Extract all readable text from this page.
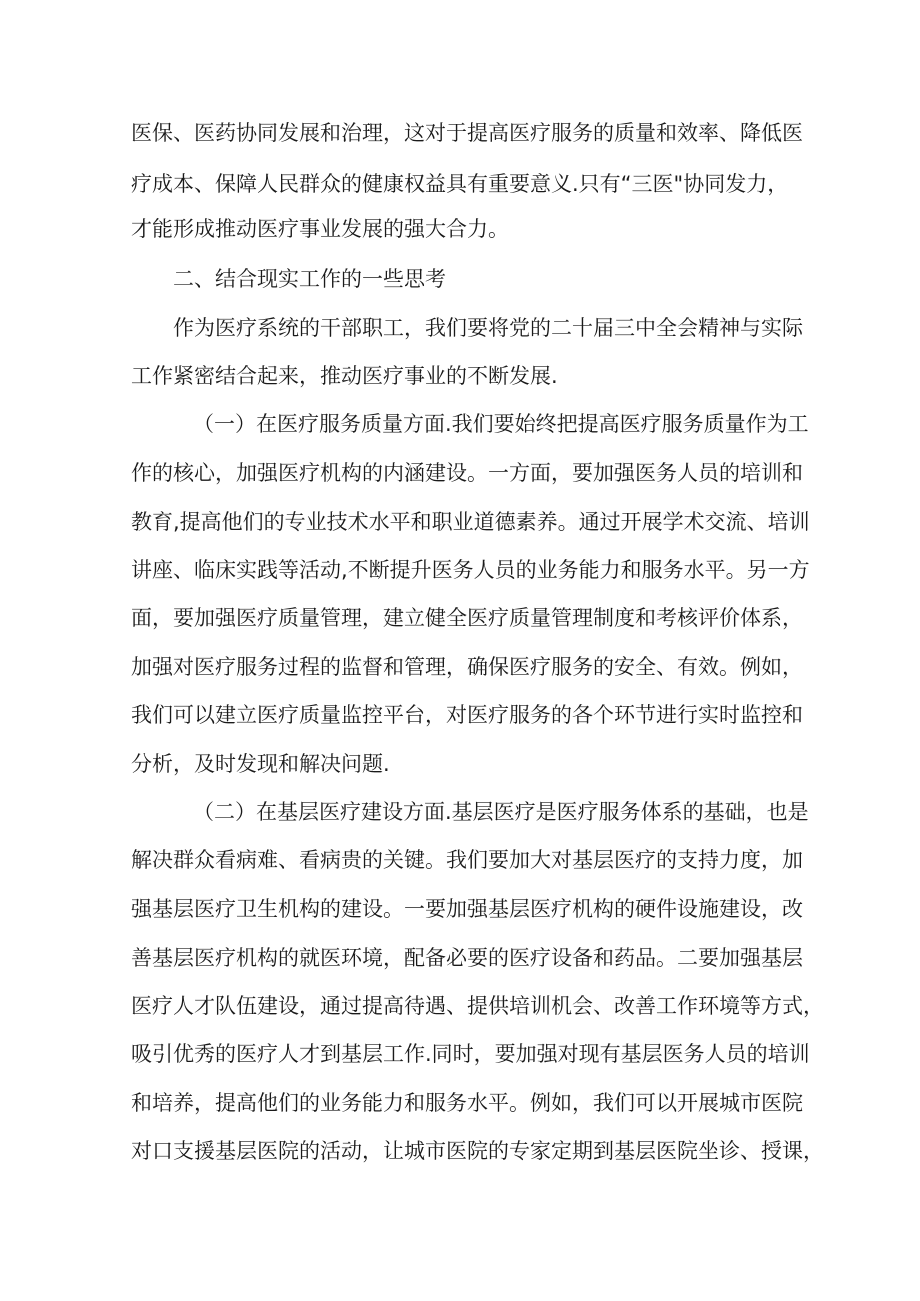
医保、医药协同发展和治理，这对于提高医疗服务的质量和效率、降低医
疗成本、保障人民群众的健康权益具有重要意义.只有“三医"协同发力，
才能形成推动医疗事业发展的强大合力。
二、结合现实工作的一些思考
作为医疗系统的干部职工，我们要将党的二十届三中全会精神与实际
工作紧密结合起来，推动医疗事业的不断发展.
（一）在医疗服务质量方面.我们要始终把提高医疗服务质量作为工
作的核心，加强医疗机构的内涵建设。一方面，要加强医务人员的培训和
教育,提高他们的专业技术水平和职业道德素养。通过开展学术交流、培训
讲座、临床实践等活动,不断提升医务人员的业务能力和服务水平。另一方
面，要加强医疗质量管理，建立健全医疗质量管理制度和考核评价体系，
加强对医疗服务过程的监督和管理，确保医疗服务的安全、有效。例如，
我们可以建立医疗质量监控平台，对医疗服务的各个环节进行实时监控和
分析，及时发现和解决问题.
（二）在基层医疗建设方面.基层医疗是医疗服务体系的基础，也是
解决群众看病难、看病贵的关键。我们要加大对基层医疗的支持力度，加
强基层医疗卫生机构的建设。一要加强基层医疗机构的硬件设施建设，改
善基层医疗机构的就医环境，配备必要的医疗设备和药品。二要加强基层
医疗人才队伍建设，通过提高待遇、提供培训机会、改善工作环境等方式，
吸引优秀的医疗人才到基层工作.同时，要加强对现有基层医务人员的培训
和培养，提高他们的业务能力和服务水平。例如，我们可以开展城市医院
对口支援基层医院的活动，让城市医院的专家定期到基层医院坐诊、授课，
